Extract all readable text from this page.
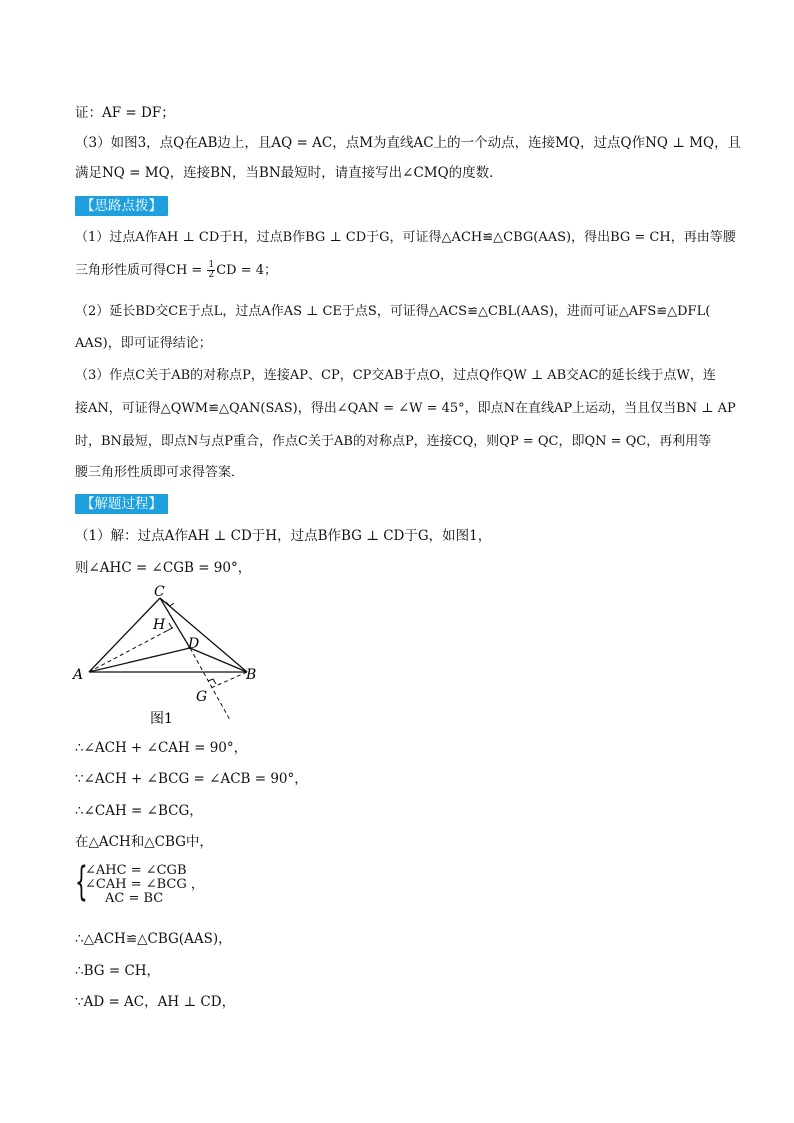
证：AF = DF；
（3）如图3，点Q在AB边上，且AQ = AC，点M为直线AC上的一个动点，连接MQ，过点Q作NQ ⊥ MQ，且
满足NQ = MQ，连接BN，当BN最短时，请直接写出∠CMQ的度数．
【思路点拨】
（1）过点A作AH ⊥ CD于H，过点B作BG ⊥ CD于G，可证得△ACH≌△CBG(AAS)，得出BG = CH，再由等腰
三角形性质可得CH = $\frac{1}{2}$ CD = 4；
（2）延长BD交CE于点L，过点A作AS ⊥ CE于点S，可证得△ACS≌△CBL(AAS)，进而可证△AFS≌△DFL(
AAS)，即可证得结论；
（3）作点C关于AB的对称点P，连接AP、CP，CP交AB于点O，过点Q作QW ⊥ AB交AC的延长线于点W，连
接AN，可证得△QWM≌△QAN(SAS)，得出∠QAN = ∠W = 45°，即点N在直线AP上运动，当且仅当BN ⊥ AP
时，BN最短，即点N与点P重合，作点C关于AB的对称点P，连接CQ，则QP = QC，即QN = QC，再利用等
腰三角形性质即可求得答案．
【解题过程】
（1）解：过点A作AH ⊥ CD于H，过点B作BG ⊥ CD于G，如图1，
则∠AHC = ∠CGB = 90°，
C
H
D
A	B
G
图1
∴∠ACH + ∠CAH = 90°，
∵∠ACH + ∠BCG = ∠ACB = 90°，
∴∠CAH = ∠BCG，
在△ACH和△CBG中，
{
∠AHC = ∠CGB
∠CAH = ∠BCG ，
AC = BC
∴△ACH≌△CBG(AAS)，
∴BG = CH，
∵AD = AC，AH ⊥ CD，
